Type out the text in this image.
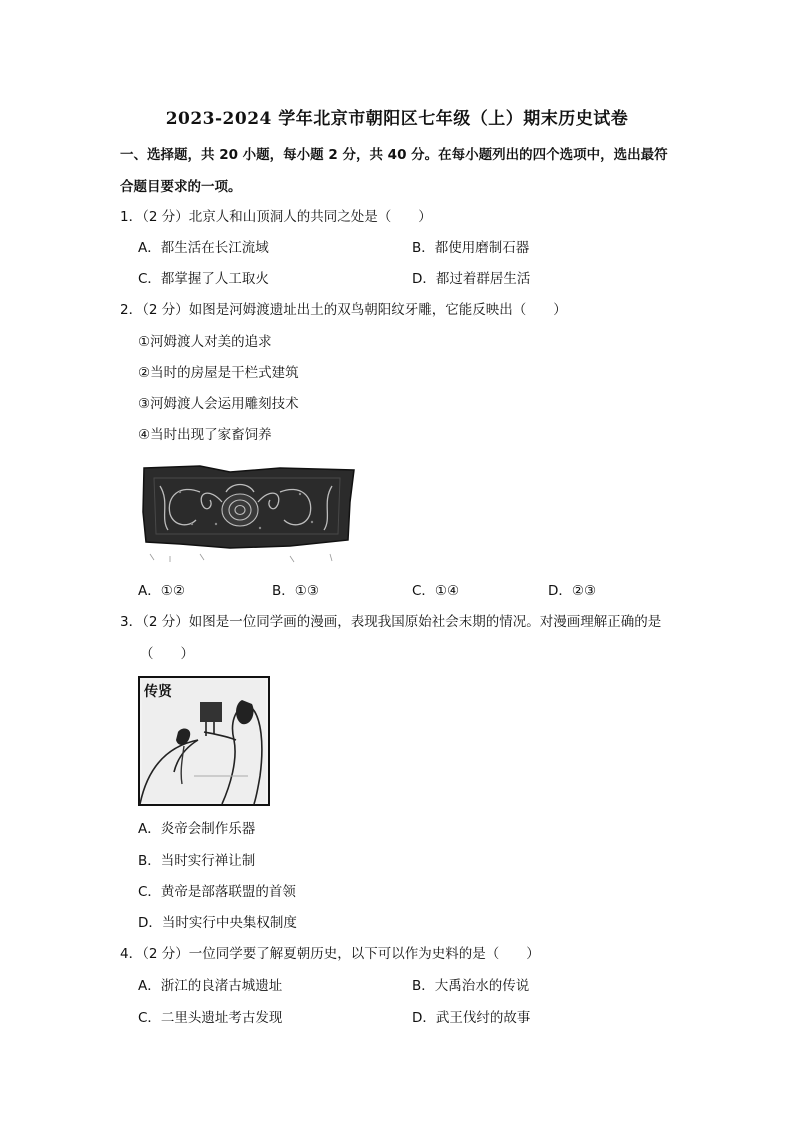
2023-2024 学年北京市朝阳区七年级（上）期末历史试卷
一、选择题，共 20 小题，每小题 2 分，共 40 分。在每小题列出的四个选项中，选出最符
合题目要求的一项。
1．（2 分）北京人和山顶洞人的共同之处是（　　）
A．都生活在长江流域	B．都使用磨制石器
C．都掌握了人工取火	D．都过着群居生活
2．（2 分）如图是河姆渡遗址出土的双鸟朝阳纹牙雕，它能反映出（　　）
①河姆渡人对美的追求
②当时的房屋是干栏式建筑
③河姆渡人会运用雕刻技术
④当时出现了家畜饲养
A．①②	B．①③	C．①④	D．②③
3．（2 分）如图是一位同学画的漫画，表现我国原始社会末期的情况。对漫画理解正确的是
（　　）
传贤
A．炎帝会制作乐器
B．当时实行禅让制
C．黄帝是部落联盟的首领
D．当时实行中央集权制度
4．（2 分）一位同学要了解夏朝历史，以下可以作为史料的是（　　）
A．浙江的良渚古城遗址	B．大禹治水的传说
C．二里头遗址考古发现	D．武王伐纣的故事
